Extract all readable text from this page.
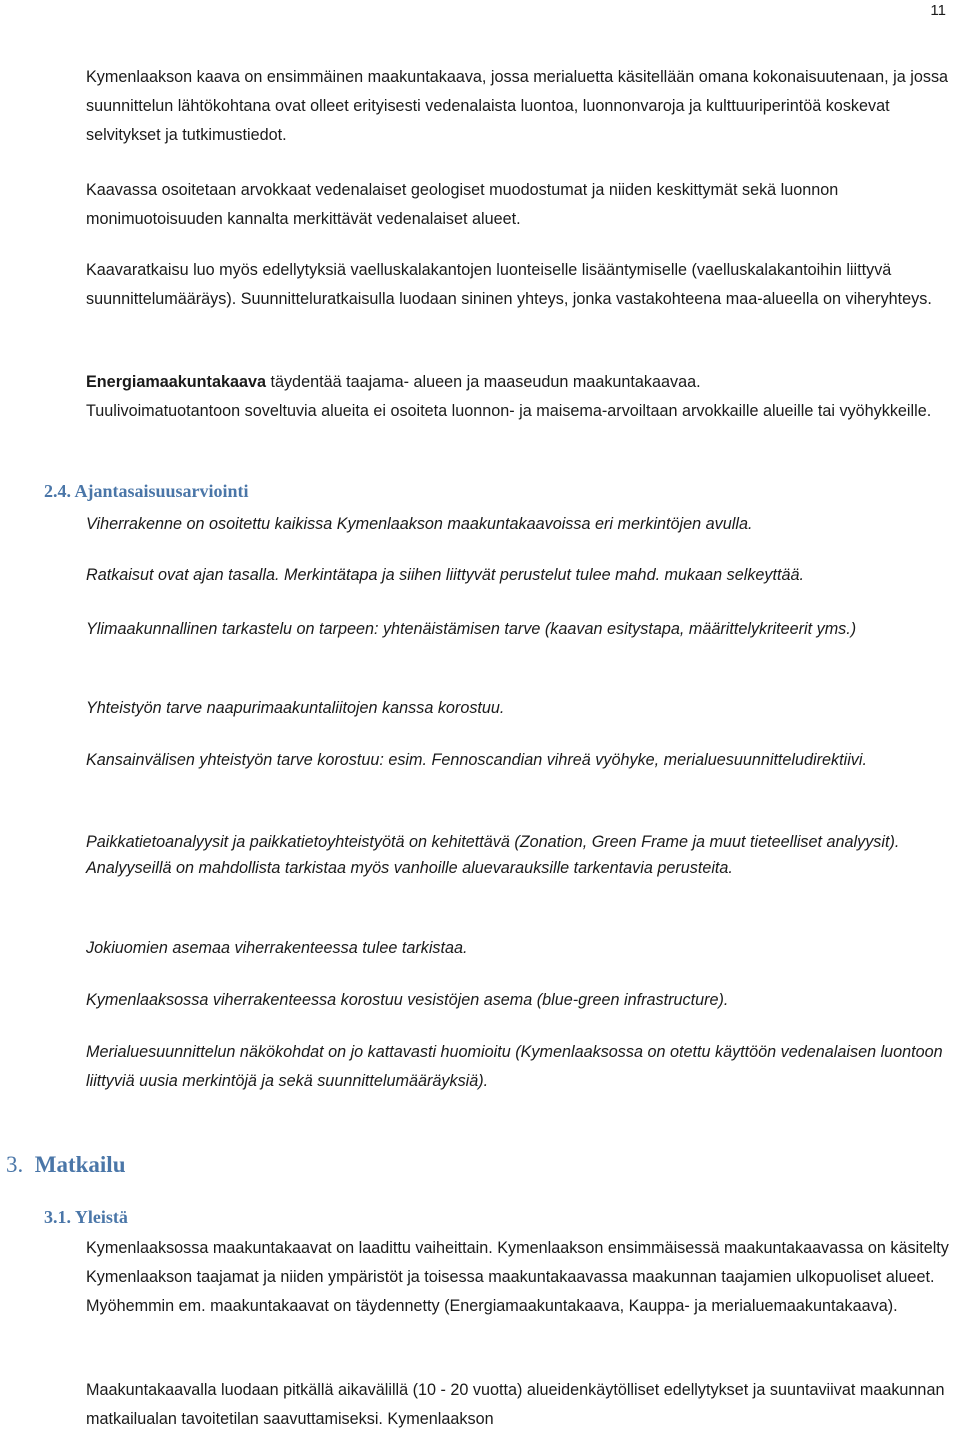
11

Kymenlaakson kaava on ensimmäinen maakuntakaava, jossa merialuetta käsitellään omana kokonaisuutenaan, ja jossa suunnittelun lähtökohtana ovat olleet erityisesti vedenalaista luontoa, luonnonvaroja ja kulttuuriperintöä koskevat selvitykset ja tutkimustiedot.

Kaavassa osoitetaan arvokkaat vedenalaiset geologiset muodostumat ja niiden keskittymät sekä luonnon monimuotoisuuden kannalta merkittävät vedenalaiset alueet.

Kaavaratkaisu luo myös edellytyksiä vaelluskalakantojen luonteiselle lisääntymiselle (vaelluskalakantoihin liittyvä suunnittelumääräys). Suunnitteluratkaisulla luodaan sininen yhteys, jonka vastakohteena maa-alueella on viheryhteys.

Energiamaakuntakaava täydentää taajama- alueen ja maaseudun maakuntakaavaa.

Tuulivoimatuotantoon soveltuvia alueita ei osoiteta luonnon- ja maisema-arvoiltaan arvokkaille alueille tai vyöhykkeille.

2.4. Ajantasaisuusarviointi

Viherrakenne on osoitettu kaikissa Kymenlaakson maakuntakaavoissa eri merkintöjen avulla.

Ratkaisut ovat ajan tasalla. Merkintätapa ja siihen liittyvät perustelut tulee mahd. mukaan selkeyttää.

Ylimaakunnallinen tarkastelu on tarpeen: yhtenäistämisen tarve (kaavan esitystapa, määrittelykriteerit yms.)

Yhteistyön tarve naapurimaakuntaliitojen kanssa korostuu.

Kansainvälisen yhteistyön tarve korostuu: esim. Fennoscandian vihreä vyöhyke, merialuesuunnitteludirektiivi.

Paikkatietoanalyysit ja paikkatietoyhteistyötä on kehitettävä (Zonation, Green Frame ja muut tieteelliset analyysit). Analyyseillä on mahdollista tarkistaa myös vanhoille aluevarauksille tarkentavia perusteita.

Jokiuomien asemaa viherrakenteessa tulee tarkistaa.

Kymenlaaksossa viherrakenteessa korostuu vesistöjen asema (blue-green infrastructure).

Merialuesuunnittelun näkökohdat on jo kattavasti huomioitu (Kymenlaaksossa on otettu käyttöön vedenalaisen luontoon liittyviä uusia merkintöjä ja sekä suunnittelumääräyksiä).

3. Matkailu
3.1. Yleistä

Kymenlaaksossa maakuntakaavat on laadittu vaiheittain. Kymenlaakson ensimmäisessä maakuntakaavassa on käsitelty Kymenlaakson taajamat ja niiden ympäristöt ja toisessa maakuntakaavassa maakunnan taajamien ulkopuoliset alueet. Myöhemmin em. maakuntakaavat on täydennetty (Energiamaakuntakaava, Kauppa- ja merialuemaakuntakaava).

Maakuntakaavalla luodaan pitkällä aikavälillä (10 - 20 vuotta) alueidenkäytölliset edellytykset ja suuntaviivat maakunnan matkailualan tavoitetilan saavuttamiseksi. Kymenlaakson
